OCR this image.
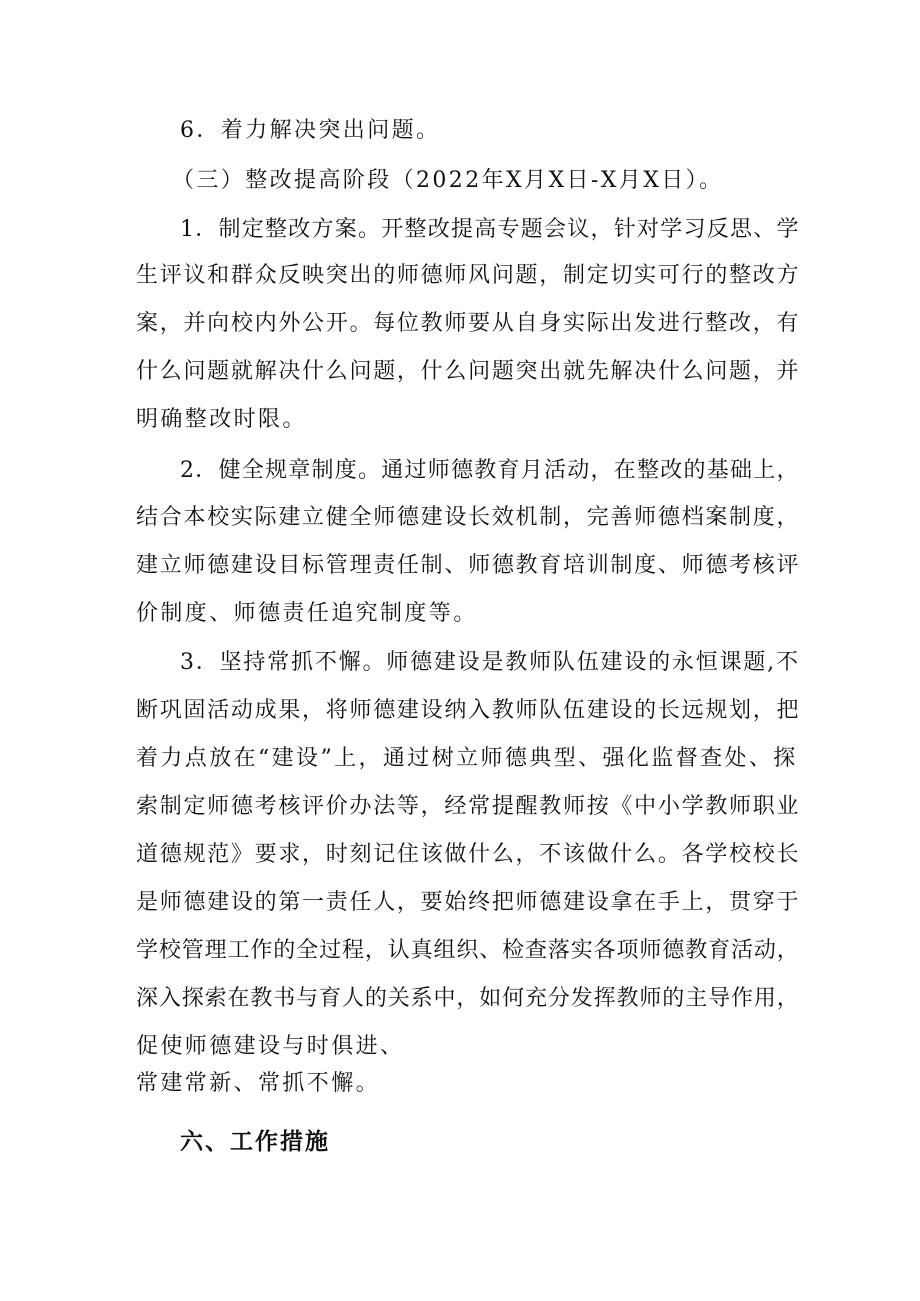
6．着力解决突出问题。
（三）整改提高阶段（2022年X月X日-X月X日）。
1．制定整改方案。开整改提高专题会议，针对学习反思、学
生评议和群众反映突出的师德师风问题，制定切实可行的整改方
案，并向校内外公开。每位教师要从自身实际出发进行整改，有
什么问题就解决什么问题，什么问题突出就先解决什么问题，并
明确整改时限。
2．健全规章制度。通过师德教育月活动，在整改的基础上，
结合本校实际建立健全师德建设长效机制，完善师德档案制度，
建立师德建设目标管理责任制、师德教育培训制度、师德考核评
价制度、师德责任追究制度等。
3．坚持常抓不懈。师德建设是教师队伍建设的永恒课题,不
断巩固活动成果，将师德建设纳入教师队伍建设的长远规划，把
着力点放在“建设”上，通过树立师德典型、强化监督查处、探
索制定师德考核评价办法等，经常提醒教师按《中小学教师职业
道德规范》要求，时刻记住该做什么，不该做什么。各学校校长
是师德建设的第一责任人，要始终把师德建设拿在手上，贯穿于
学校管理工作的全过程，认真组织、检查落实各项师德教育活动，
深入探索在教书与育人的关系中，如何充分发挥教师的主导作用，
促使师德建设与时俱进、
常建常新、常抓不懈。
六、工作措施
